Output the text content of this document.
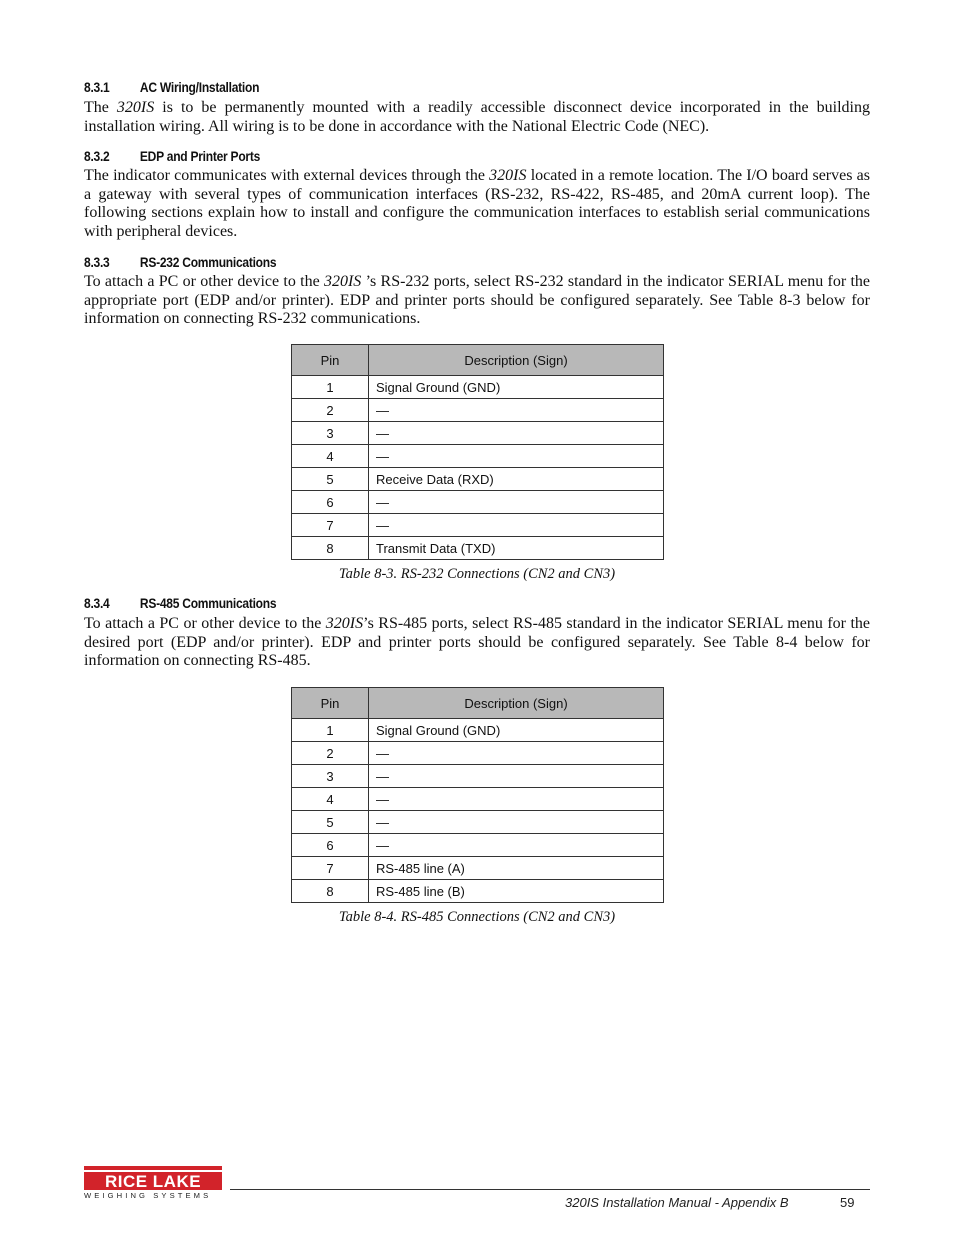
8.3.1 AC Wiring/Installation

The 320IS is to be permanently mounted with a readily accessible disconnect device incorporated in the building installation wiring. All wiring is to be done in accordance with the National Electric Code (NEC).

8.3.2 EDP and Printer Ports

The indicator communicates with external devices through the 320IS located in a remote location. The I/O board serves as a gateway with several types of communication interfaces (RS-232, RS-422, RS-485, and 20mA current loop). The following sections explain how to install and configure the communication interfaces to establish serial communications with peripheral devices.

8.3.3 RS-232 Communications

To attach a PC or other device to the 320IS ’s RS-232 ports, select RS-232 standard in the indicator SERIAL menu for the appropriate port (EDP and/or printer). EDP and printer ports should be configured separately. See Table 8-3 below for information on connecting RS-232 communications.

Pin	Description (Sign)
1	Signal Ground (GND)
2	—
3	—
4	—
5	Receive Data (RXD)
6	—
7	—
8	Transmit Data (TXD)
Table 8-3. RS-232 Connections (CN2 and CN3)
8.3.4 RS-485 Communications

To attach a PC or other device to the 320IS’s RS-485 ports, select RS-485 standard in the indicator SERIAL menu for the desired port (EDP and/or printer). EDP and printer ports should be configured separately. See Table 8-4 below for information on connecting RS-485.

Pin	Description (Sign)
1	Signal Ground (GND)
2	—
3	—
4	—
5	—
6	—
7	RS-485 line (A)
8	RS-485 line (B)
Table 8-4. RS-485 Connections (CN2 and CN3)
RICE LAKE
WEIGHING SYSTEMS	320IS Installation Manual - Appendix B	59
